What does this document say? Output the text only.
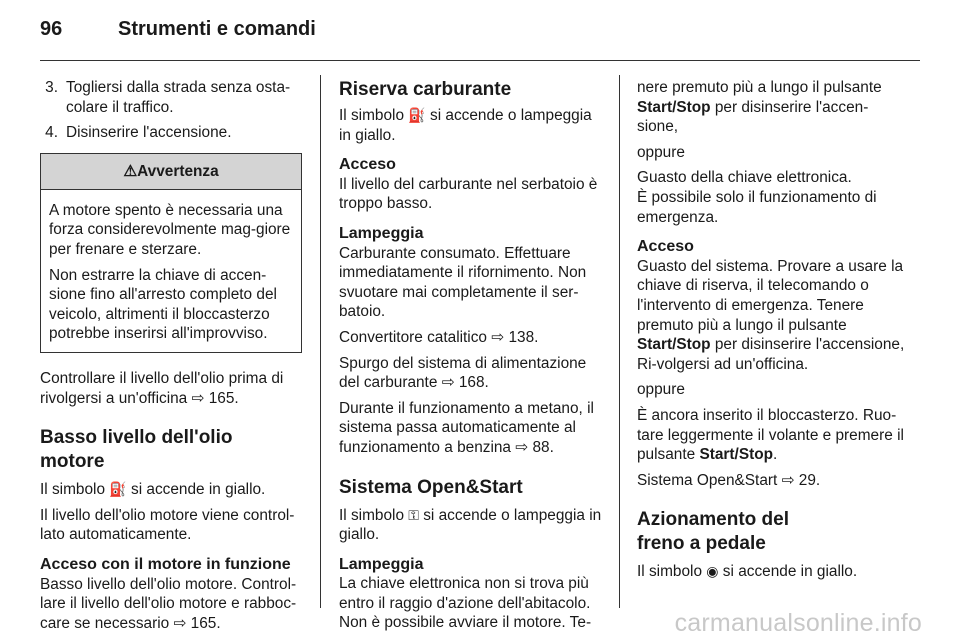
96	Strumenti e comandi
3. Togliersi dalla strada senza osta-colare il traffico.
4. Disinserire l'accensione.
⚠Avvertenza

A motore spento è necessaria una forza considerevolmente mag-giore per frenare e sterzare.

Non estrarre la chiave di accen-sione fino all'arresto completo del veicolo, altrimenti il bloccasterzo potrebbe inserirsi all'improvviso.

Controllare il livello dell'olio prima di rivolgersi a un'officina ⇨ 165.

Basso livello dell'olio motore

Il simbolo ⛽ si accende in giallo.

Il livello dell'olio motore viene control-lato automaticamente.

Acceso con il motore in funzione

Basso livello dell'olio motore. Control-lare il livello dell'olio motore e rabboc-care se necessario ⇨ 165.

Riserva carburante

Il simbolo ⛽ si accende o lampeggia in giallo.

Acceso

Il livello del carburante nel serbatoio è troppo basso.

Lampeggia

Carburante consumato. Effettuare immediatamente il rifornimento. Non svuotare mai completamente il ser-batoio.

Convertitore catalitico ⇨ 138.

Spurgo del sistema di alimentazione del carburante ⇨ 168.

Durante il funzionamento a metano, il sistema passa automaticamente al funzionamento a benzina ⇨ 88.

Sistema Open&Start

Il simbolo ⚿ si accende o lampeggia in giallo.

Lampeggia

La chiave elettronica non si trova più entro il raggio d'azione dell'abitacolo. Non è possibile avviare il motore. Te-

nere premuto più a lungo il pulsante Start/Stop per disinserire l'accen-sione,

oppure

Guasto della chiave elettronica.
È possibile solo il funzionamento di emergenza.

Acceso

Guasto del sistema. Provare a usare la chiave di riserva, il telecomando o l'intervento di emergenza. Tenere premuto più a lungo il pulsante Start/Stop per disinserire l'accensione, Ri-volgersi ad un'officina.

oppure

È ancora inserito il bloccasterzo. Ruo-tare leggermente il volante e premere il pulsante Start/Stop.

Sistema Open&Start ⇨ 29.

Azionamento del freno a pedale

Il simbolo ◉ si accende in giallo.

carmanualsonline.info
